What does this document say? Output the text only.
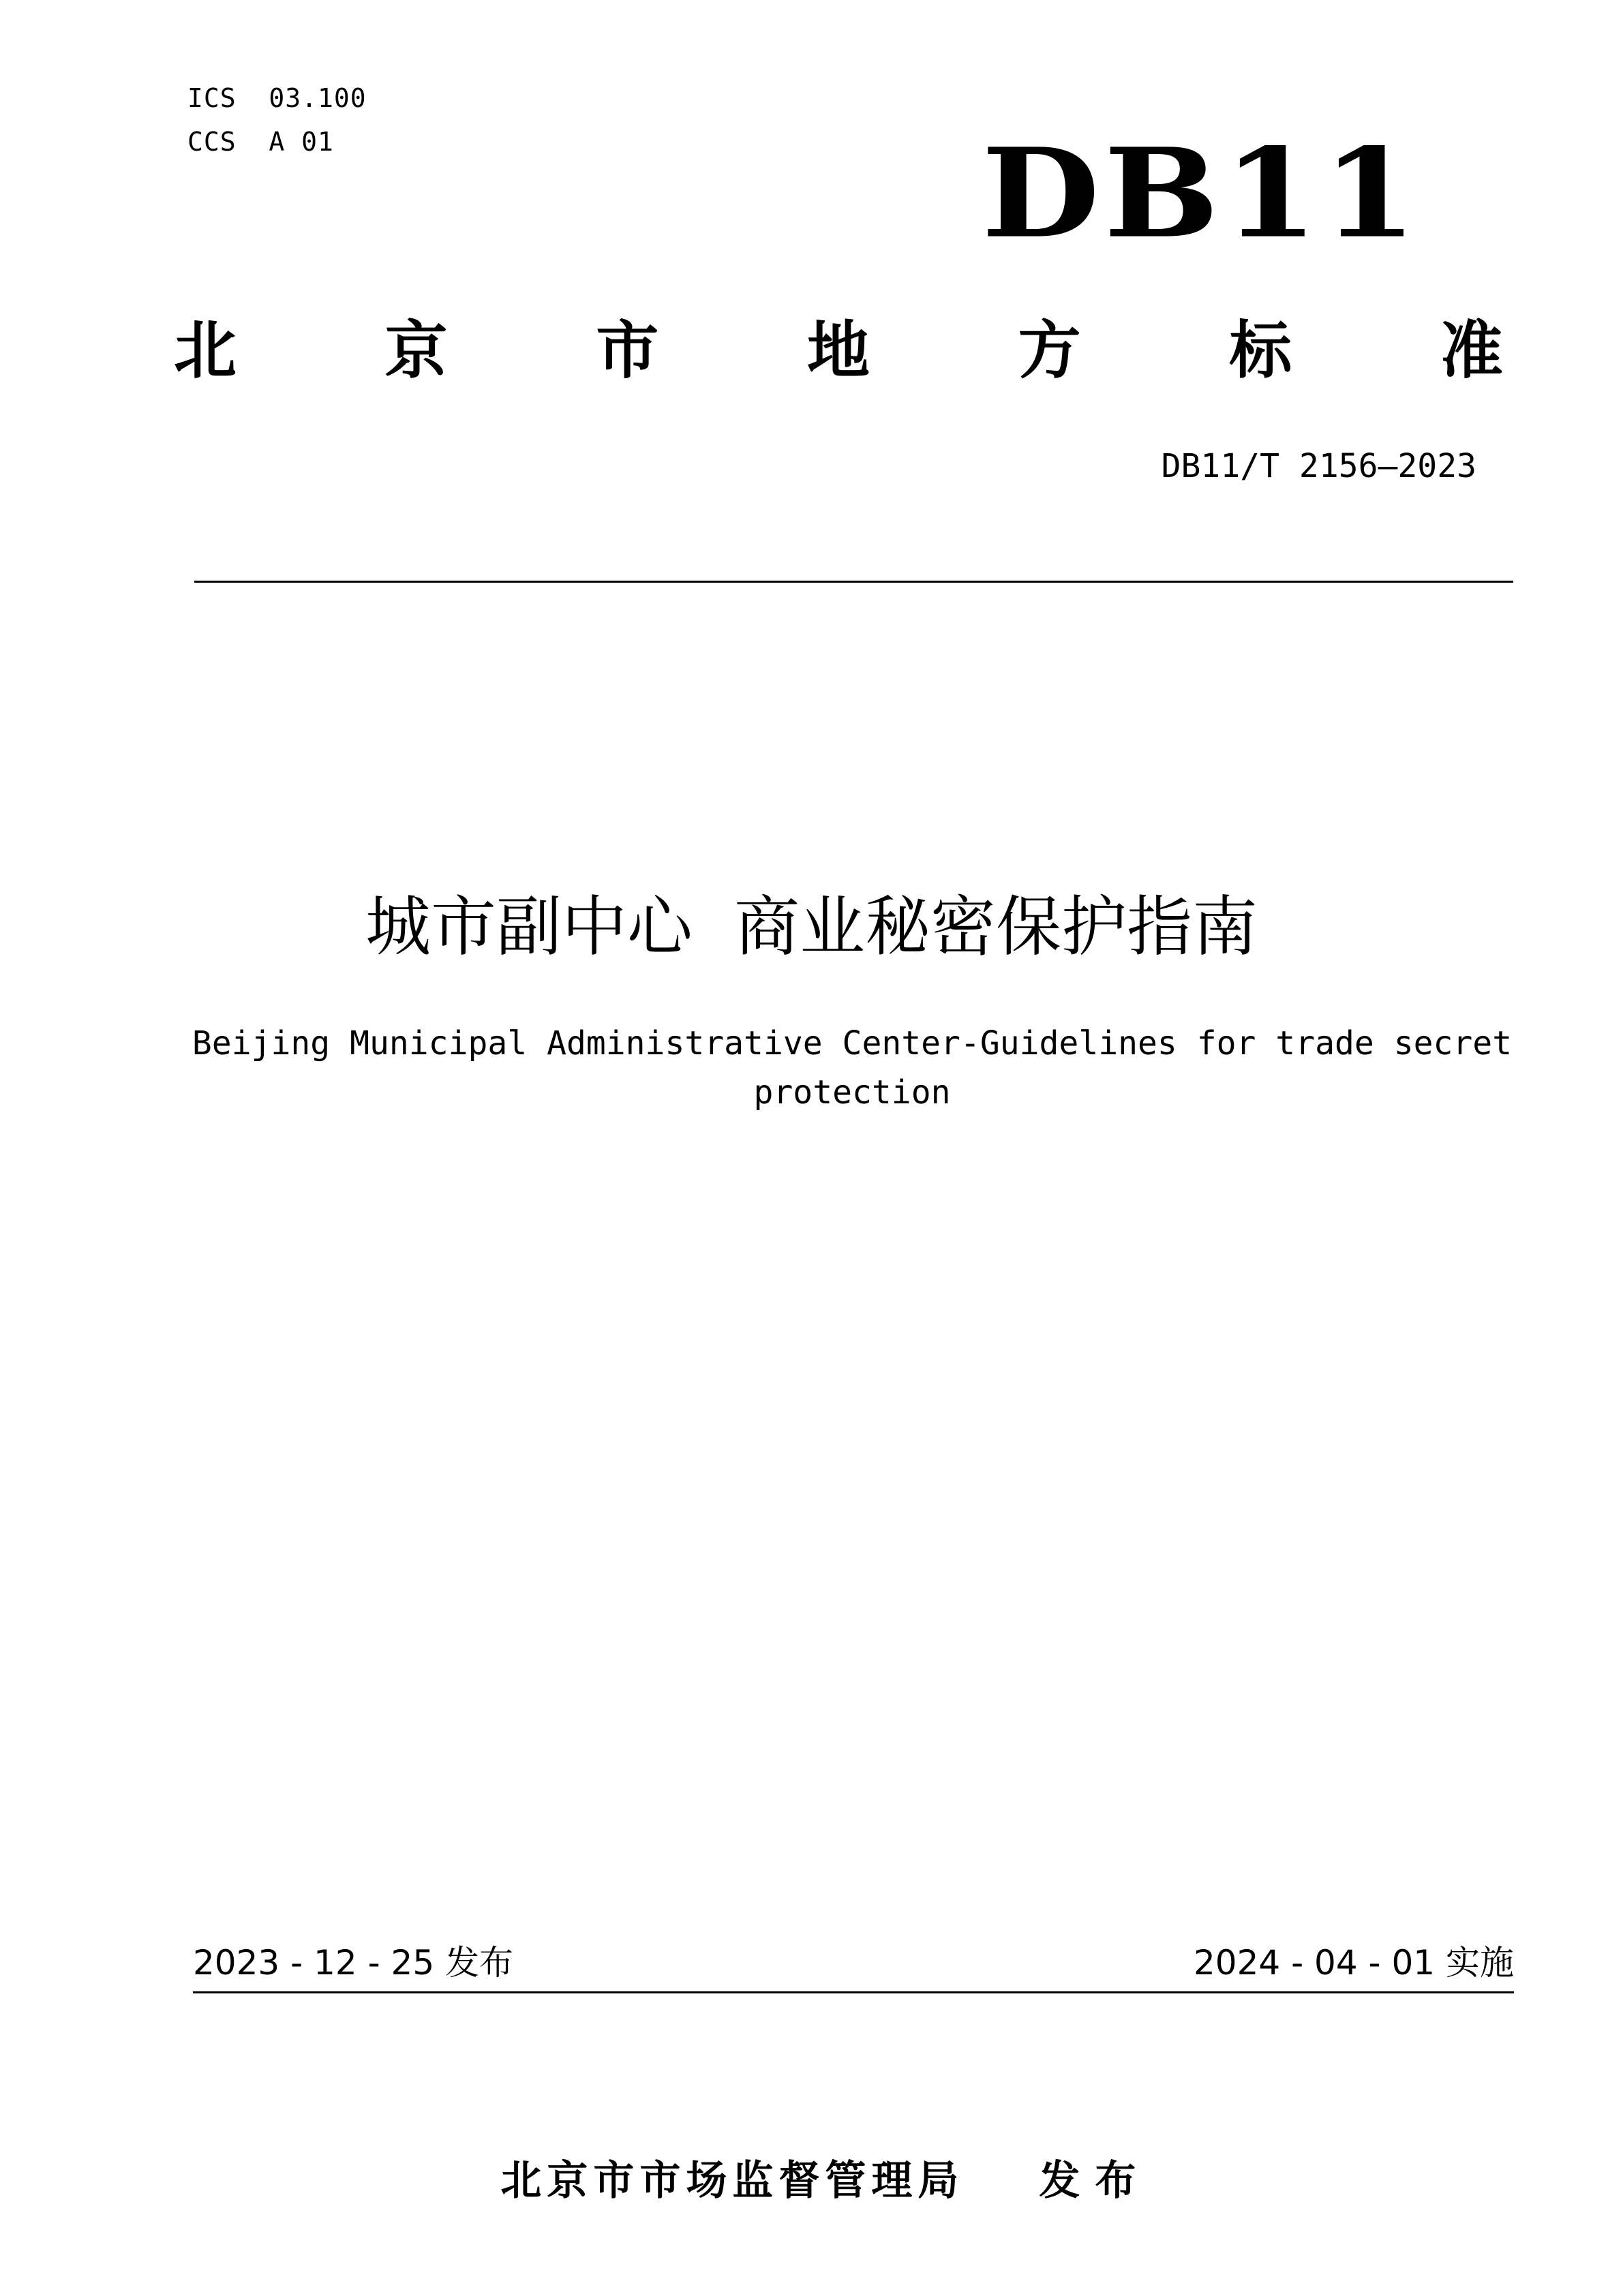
ICS  03.100
CCS  A 01	DB11
北 京 市 地 方 标 准
DB11/T 2156—2023
城市副中心  商业秘密保护指南
Beijing Municipal Administrative Center-Guidelines for trade secret
protection
2023 - 12 - 25 发布	2024 - 04 - 01 实施

北京市市场监督管理局 发布
